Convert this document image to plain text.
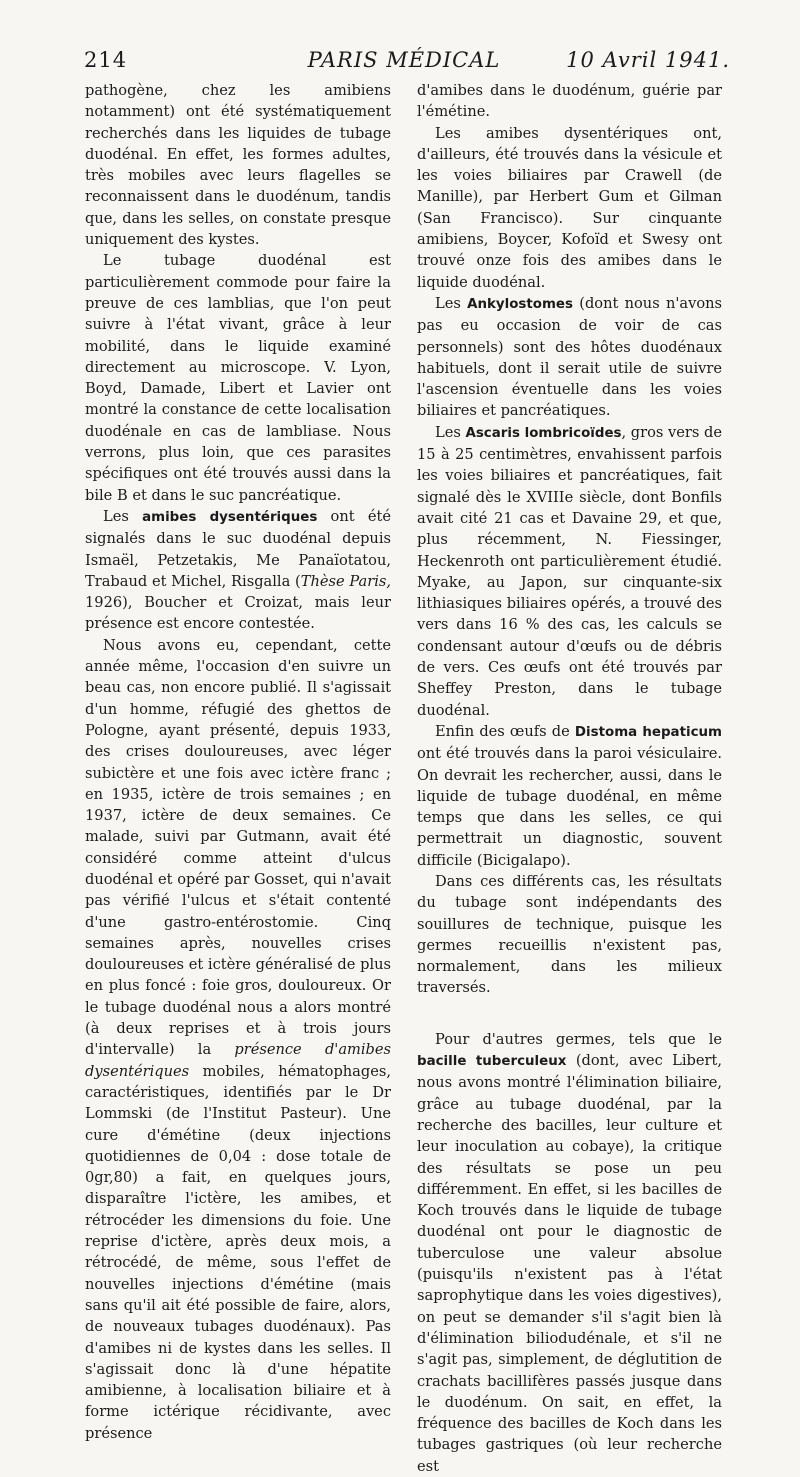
214	PARIS MÉDICAL	10 Avril 1941.

pathogène, chez les amibiens notamment) ont été systématiquement recherchés dans les liquides de tubage duodénal. En effet, les formes adultes, très mobiles avec leurs flagelles se reconnaissent dans le duodénum, tandis que, dans les selles, on constate presque uniquement des kystes.

Le tubage duodénal est particulièrement commode pour faire la preuve de ces lamblias, que l'on peut suivre à l'état vivant, grâce à leur mobilité, dans le liquide examiné directement au microscope. V. Lyon, Boyd, Damade, Libert et Lavier ont montré la constance de cette localisation duodénale en cas de lambliase. Nous verrons, plus loin, que ces parasites spécifiques ont été trouvés aussi dans la bile B et dans le suc pancréatique.

Les amibes dysentériques ont été signalés dans le suc duodénal depuis Ismaël, Petzetakis, Me Panaïotatou, Trabaud et Michel, Risgalla (Thèse Paris, 1926), Boucher et Croizat, mais leur présence est encore contestée.

Nous avons eu, cependant, cette année même, l'occasion d'en suivre un beau cas, non encore publié. Il s'agissait d'un homme, réfugié des ghettos de Pologne, ayant présenté, depuis 1933, des crises douloureuses, avec léger subictère et une fois avec ictère franc ; en 1935, ictère de trois semaines ; en 1937, ictère de deux semaines. Ce malade, suivi par Gutmann, avait été considéré comme atteint d'ulcus duodénal et opéré par Gosset, qui n'avait pas vérifié l'ulcus et s'était contenté d'une gastro-entérostomie. Cinq semaines après, nouvelles crises douloureuses et ictère généralisé de plus en plus foncé : foie gros, douloureux. Or le tubage duodénal nous a alors montré (à deux reprises et à trois jours d'intervalle) la présence d'amibes dysentériques mobiles, hématophages, caractéristiques, identifiés par le Dr Lommski (de l'Institut Pasteur). Une cure d'émétine (deux injections quotidiennes de 0,04 : dose totale de 0gr,80) a fait, en quelques jours, disparaître l'ictère, les amibes, et rétrocéder les dimensions du foie. Une reprise d'ictère, après deux mois, a rétrocédé, de même, sous l'effet de nouvelles injections d'émétine (mais sans qu'il ait été possible de faire, alors, de nouveaux tubages duodénaux). Pas d'amibes ni de kystes dans les selles. Il s'agissait donc là d'une hépatite amibienne, à localisation biliaire et à forme ictérique récidivante, avec présence

d'amibes dans le duodénum, guérie par l'émétine.

Les amibes dysentériques ont, d'ailleurs, été trouvés dans la vésicule et les voies biliaires par Crawell (de Manille), par Herbert Gum et Gilman (San Francisco). Sur cinquante amibiens, Boycer, Kofoïd et Swesy ont trouvé onze fois des amibes dans le liquide duodénal.

Les Ankylostomes (dont nous n'avons pas eu occasion de voir de cas personnels) sont des hôtes duodénaux habituels, dont il serait utile de suivre l'ascension éventuelle dans les voies biliaires et pancréatiques.

Les Ascaris lombricoïdes, gros vers de 15 à 25 centimètres, envahissent parfois les voies biliaires et pancréatiques, fait signalé dès le XVIIIe siècle, dont Bonfils avait cité 21 cas et Davaine 29, et que, plus récemment, N. Fiessinger, Heckenroth ont particulièrement étudié. Myake, au Japon, sur cinquante-six lithiasiques biliaires opérés, a trouvé des vers dans 16 % des cas, les calculs se condensant autour d'œufs ou de débris de vers. Ces œufs ont été trouvés par Sheffey Preston, dans le tubage duodénal.

Enfin des œufs de Distoma hepaticum ont été trouvés dans la paroi vésiculaire. On devrait les rechercher, aussi, dans le liquide de tubage duodénal, en même temps que dans les selles, ce qui permettrait un diagnostic, souvent difficile (Bicigalapo).

Dans ces différents cas, les résultats du tubage sont indépendants des souillures de technique, puisque les germes recueillis n'existent pas, normalement, dans les milieux traversés.

Pour d'autres germes, tels que le bacille tuberculeux (dont, avec Libert, nous avons montré l'élimination biliaire, grâce au tubage duodénal, par la recherche des bacilles, leur culture et leur inoculation au cobaye), la critique des résultats se pose un peu différemment. En effet, si les bacilles de Koch trouvés dans le liquide de tubage duodénal ont pour le diagnostic de tuberculose une valeur absolue (puisqu'ils n'existent pas à l'état saprophytique dans les voies digestives), on peut se demander s'il s'agit bien là d'élimination biliodudénale, et s'il ne s'agit pas, simplement, de déglutition de crachats bacillifères passés jusque dans le duodénum. On sait, en effet, la fréquence des bacilles de Koch dans les tubages gastriques (où leur recherche est
